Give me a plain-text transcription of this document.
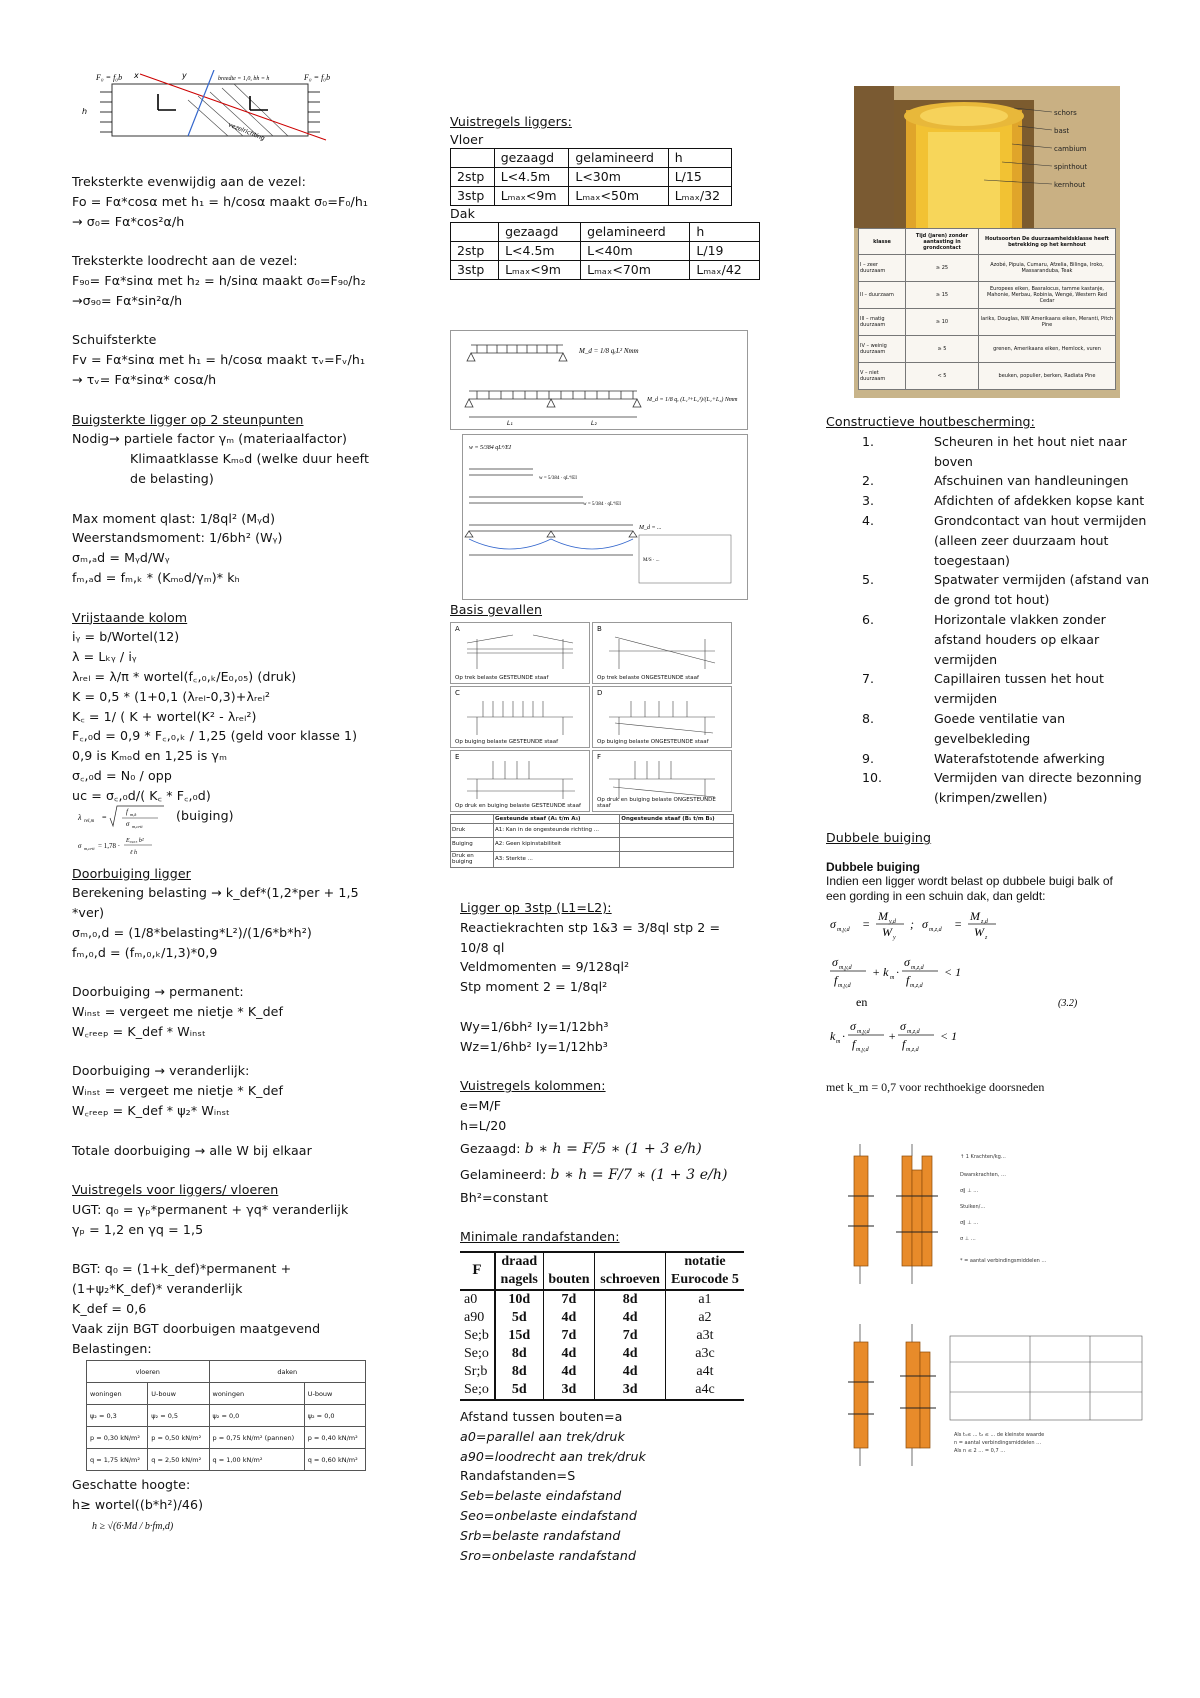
F₀ = f₀b	F₀ = f₀b
breedte = 1,0, bh = h
x	y
h
vezelrichting

Treksterkte evenwijdig aan de vezel:

Fo = Fα*cosα met h₁ = h/cosα maakt σ₀=F₀/h₁

→ σ₀= Fα*cos²α/h

Treksterkte loodrecht aan de vezel:

F₉₀= Fα*sinα met h₂ = h/sinα maakt σ₀=F₉₀/h₂

→σ₉₀= Fα*sin²α/h

Schuifsterkte

Fv = Fα*sinα met h₁ = h/cosα maakt τᵥ=Fᵥ/h₁

→ τᵥ= Fα*sinα* cosα/h

Buigsterkte ligger op 2 steunpunten

Nodig→ partiele factor γₘ (materiaalfactor)

Klimaatklasse Kₘₒd (welke duur heeft

de belasting)

Max moment qlast: 1/8ql² (Mᵧd)

Weerstandsmoment: 1/6bh² (Wᵧ)

σₘ,ₐd = Mᵧd/Wᵧ

fₘ,ₐd = fₘ,ₖ * (Kₘₒd/γₘ)* kₕ

Vrijstaande kolom

iᵧ = b/Wortel(12)

λ = Lₖᵧ / iᵧ

λᵣₑₗ = λ/π * wortel(f꜀,₀,ₖ/E₀,₀₅) (druk)

K = 0,5 * (1+0,1 (λᵣₑₗ-0,3)+λᵣₑₗ²

K꜀ = 1/ ( K + wortel(K² - λᵣₑₗ²)

F꜀,₀d = 0,9 * F꜀,₀,ₖ / 1,25 (geld voor klasse 1)

0,9 is Kₘₒd en 1,25 is γₘ

σ꜀,₀d = N₀ / opp

uc = σ꜀,₀d/( K꜀ * F꜀,₀d)

λ rel,m =
f m,k
σ m,crit
σ m,crit = 1,78 ·
E₀,₀₅ b²
ℓ h
(buiging)

Doorbuiging ligger

Berekening belasting → k_def*(1,2*per + 1,5

*ver)

σₘ,₀,d = (1/8*belasting*L²)/(1/6*b*h²)

fₘ,₀,d = (fₘ,₀,ₖ/1,3)*0,9

Doorbuiging → permanent:

Wᵢₙₛₜ = vergeet me nietje * K_def

W꜀ᵣₑₑₚ = K_def * Wᵢₙₛₜ

Doorbuiging → veranderlijk:

Wᵢₙₛₜ = vergeet me nietje * K_def

W꜀ᵣₑₑₚ = K_def * ψ₂* Wᵢₙₛₜ

Totale doorbuiging → alle W bij elkaar

Vuistregels voor liggers/ vloeren

UGT: q₀ = γₚ*permanent + γq* veranderlijk

γₚ = 1,2 en γq = 1,5

BGT: q₀ = (1+k_def)*permanent +

(1+ψ₂*K_def)* veranderlijk

K_def = 0,6

Vaak zijn BGT doorbuigen maatgevend

Belastingen:

vloeren		daken	
woningen	U-bouw	woningen	U-bouw
ψ₂ = 0,3	ψ₂ = 0,5	ψ₂ = 0,0	ψ₂ = 0,0
p = 0,30 kN/m²	p = 0,50 kN/m²	p = 0,75 kN/m² (pannen)	p = 0,40 kN/m²
q = 1,75 kN/m²	q = 2,50 kN/m²	q = 1,00 kN/m²	q = 0,60 kN/m²

Geschatte hoogte:

h≥ wortel((b*h²)/46)

h ≥ √(6·Md / b·fm,d)

Vuistregels liggers:

Vloer

	gezaagd	gelamineerd	h
2stp	L<4.5m	L<30m	L/15
3stp	Lₘₐₓ<9m	Lₘₐₓ<50m	Lₘₐₓ/32

Dak

	gezaagd	gelamineerd	h
2stp	L<4.5m	L<40m	L/19
3stp	Lₘₐₓ<9m	Lₘₐₓ<70m	Lₘₐₓ/42
M_d = 1/8 qₑL² Nmm
M_d = 1/8 qₑ (L₁³+L₂³)/(L₁+L₂) Nmm
L₁	L₂
w = 5/384 qL⁴/EI
w = 5/384 · qL⁴/EI
w = 5/384 · qL⁴/EI
M_d = ...
M/S · ...

Basis gevallen

A
Op trek belaste GESTEUNDE staaf
B
Op trek belaste ONGESTEUNDE staaf
C
Op buiging belaste GESTEUNDE staaf
D
Op buiging belaste ONGESTEUNDE staaf
E
Op druk en buiging belaste GESTEUNDE staaf
F
Op druk en buiging belaste ONGESTEUNDE staaf
	Gesteunde staaf (A₁ t/m A₃)	Ongesteunde staaf (B₁ t/m B₃)
Druk	A1: Kan in de ongesteunde richting ...	
Buiging	A2: Geen kipinstabiliteit	
Druk en buiging	A3: Sterkte ...	

Ligger op 3stp (L1=L2):

Reactiekrachten stp 1&3 = 3/8ql stp 2 =

10/8 ql

Veldmomenten = 9/128ql²

Stp moment 2 = 1/8ql²

Wy=1/6bh² Iy=1/12bh³

Wz=1/6hb² Iy=1/12hb³

Vuistregels kolommen:

e=M/F

h=L/20

Gezaagd: b ∗ h = F/5 ∗ (1 + 3 e/h)

Gelamineerd: b ∗ h = F/7 ∗ (1 + 3 e/h)

Bh²=constant

Minimale randafstanden:

F	draad			notatie
	nagels	bouten	schroeven	Eurocode 5
a0	10d	7d	8d	a1
a90	5d	4d	4d	a2
Se;b	15d	7d	7d	a3t
Se;o	8d	4d	4d	a3c
Sr;b	8d	4d	4d	a4t
Se;o	5d	3d	3d	a4c

Afstand tussen bouten=a

a0=parallel aan trek/druk

a90=loodrecht aan trek/druk

Randafstanden=S

Seb=belaste eindafstand

Seo=onbelaste eindafstand

Srb=belaste randafstand

Sro=onbelaste randafstand

schors
bast
cambium
spinthout
kernhout
klasse	Tijd (jaren) zonder aantasting in grondcontact	Houtsoorten De duurzaamheidsklasse heeft betrekking op het kernhout
I – zeer duurzaam	≥ 25	Azobé, Pipuia, Cumaru, Afzelia, Bilinga, Iroko, Massaranduba, Teak
II – duurzaam	≥ 15	Europees eiken, Basralocus, tamme kastanje, Mahonie, Merbau, Robinia, Wengé, Western Red Cedar
III – matig duurzaam	≥ 10	lariks, Douglas, NW Amerikaans eiken, Meranti, Pitch Pine
IV – weinig duurzaam	≥ 5	grenen, Amerikaans eiken, Hemlock, vuren
V – niet duurzaam	< 5	beuken, populier, berken, Radiata Pine

Constructieve houtbescherming:

1.	Scheuren in het hout niet naar boven
2.	Afschuinen van handleuningen
3.	Afdichten of afdekken kopse kant
4.	Grondcontact van hout vermijden (alleen zeer duurzaam hout toegestaan)
5.	Spatwater vermijden (afstand van de grond tot hout)
6.	Horizontale vlakken zonder afstand houders op elkaar vermijden
7.	Capillairen tussen het hout vermijden
8.	Goede ventilatie van gevelbekleding
9.	Waterafstotende afwerking
10.	Vermijden van directe bezonning (krimpen/zwellen)

Dubbele buiging

Dubbele buiging
Indien een ligger wordt belast op dubbele buigi balk of een gording in een schuin dak, dan geldt:
σ m,y,d =
M y,d
W y
; σ m,z,d =
M z,d
W z
σ m,y,d
f m,y,d
+ k m ·
σ m,z,d
f m,z,d
< 1
en	(3.2)
k m ·
σ m,y,d
f m,y,d
+
σ m,z,d
f m,z,d
< 1
met k_m = 0,7 voor rechthoekige doorsneden
↑ 1 Krachten/kg…
Dwarskrachten, …
σ∥ ⊥ …
Stuiken/…
σ∥ ⊥ …
σ ⊥ …
* = aantal verbindingsmiddelen …
Als t₁≤ ... t₂ ≤ ... de kleinste waarde
n = aantal verbindingsmiddelen …
Als n ≤ 2 … = 0,7 …
